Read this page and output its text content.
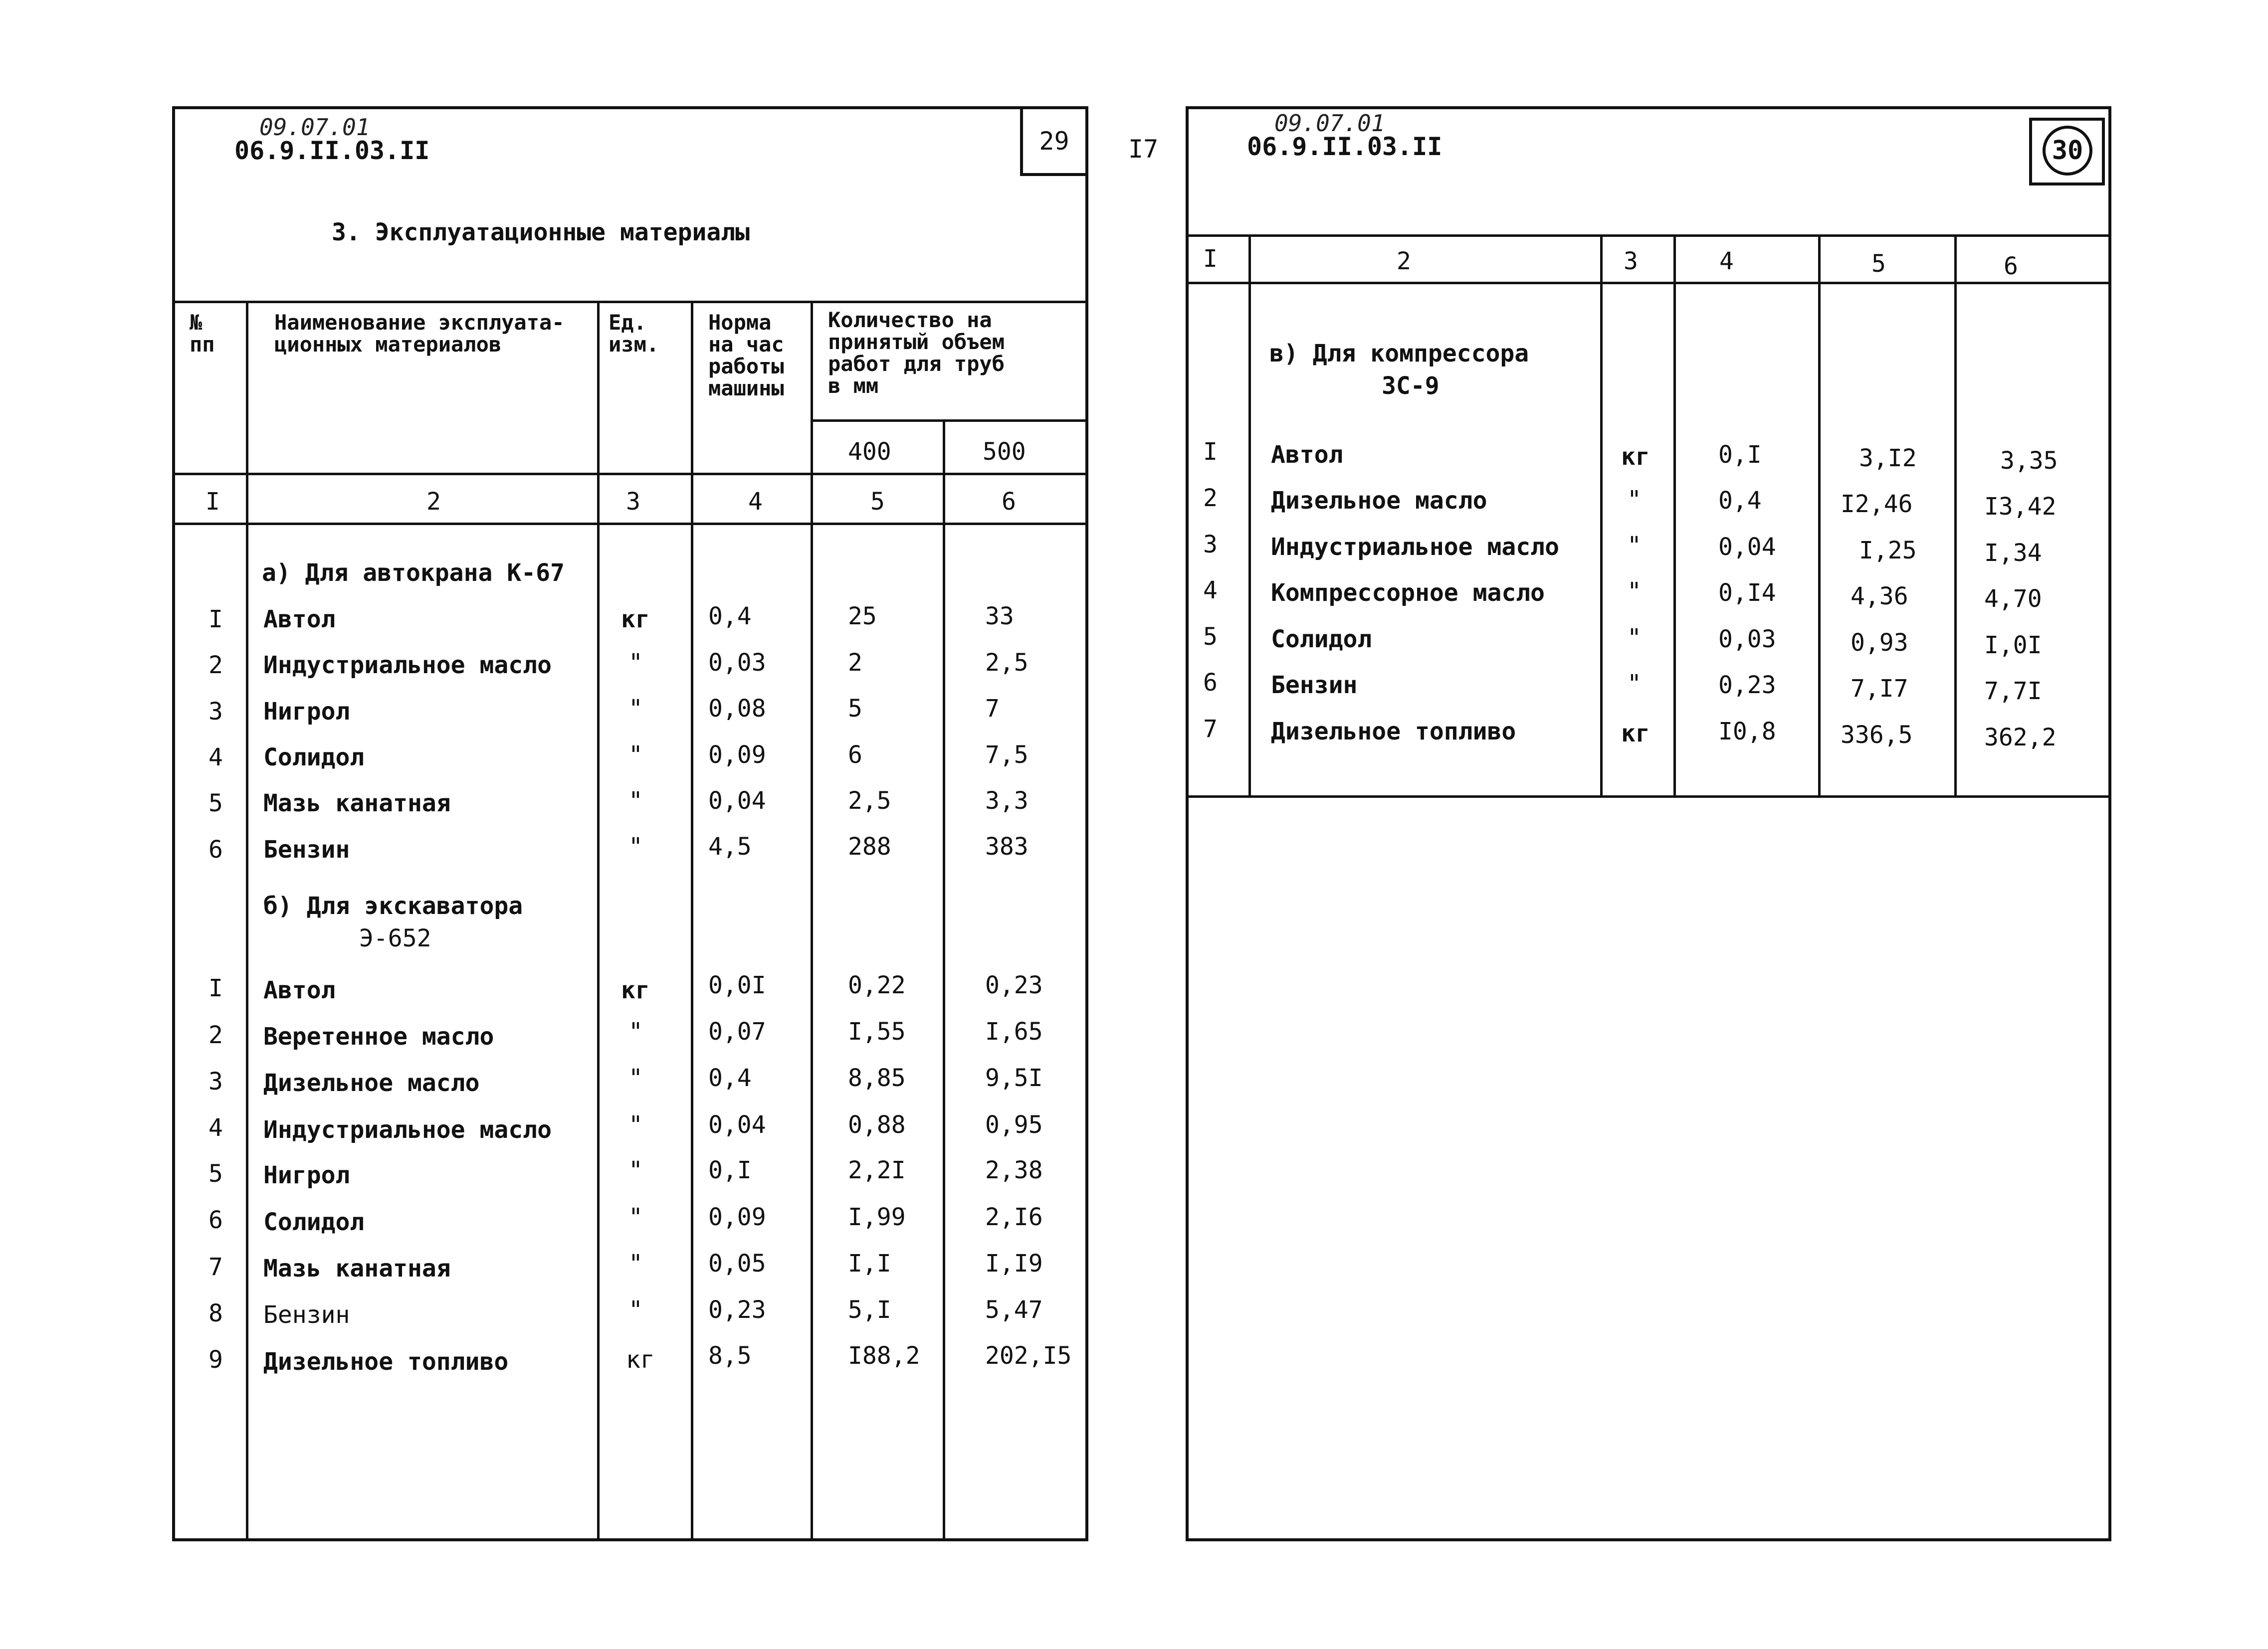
09.07.01
06.9.II.03.II	29
3. Эксплуатационные материалы
№
пп
Наименование эксплуата-
ционных материалов
Ед.
изм.
Норма
на час
работы
машины
Количество на
принятый объем
работ для труб
в мм
400	500
I	2	3	4	5	6
а) Для автокрана К-67
I Автол	кг 0,4	25	33
2 Индустриальное масло	"	0,03	2	2,5
3 Нигрол	"	0,08	5	7
4 Солидол	"	0,09	6	7,5
5 Мазь канатная	"	0,04	2,5	3,3
6 Бензин	"	4,5	288	383
б) Для экскаватора
Э-652
I Автол	кг 0,0I	0,22	0,23
2 Веретенное масло	"	0,07	I,55	I,65
3 Дизельное масло	"	0,4	8,85	9,5I
4 Индустриальное масло	"	0,04	0,88	0,95
5 Нигрол	"	0,I	2,2I	2,38
6 Солидол	"	0,09	I,99	2,I6
7 Мазь канатная	"	0,05	I,I	I,I9
8 Бензин	"	0,23	5,I	5,47
9 Дизельное топливо	кг 8,5	I88,2	202,I5
I7
09.07.01
06.9.II.03.II	30
I	2	3	4	5	6
в) Для компрессора
ЗС-9
I Автол	кг	0,I	3,I2	3,35
2 Дизельное масло	"	0,4	I2,46	I3,42
3 Индустриальное масло	"	0,04	I,25	I,34
4 Компрессорное масло	"	0,I4	4,36	4,70
5 Солидол	"	0,03	0,93	I,0I
6 Бензин	"	0,23	7,I7	7,7I
7 Дизельное топливо	кг	I0,8	336,5	362,2
